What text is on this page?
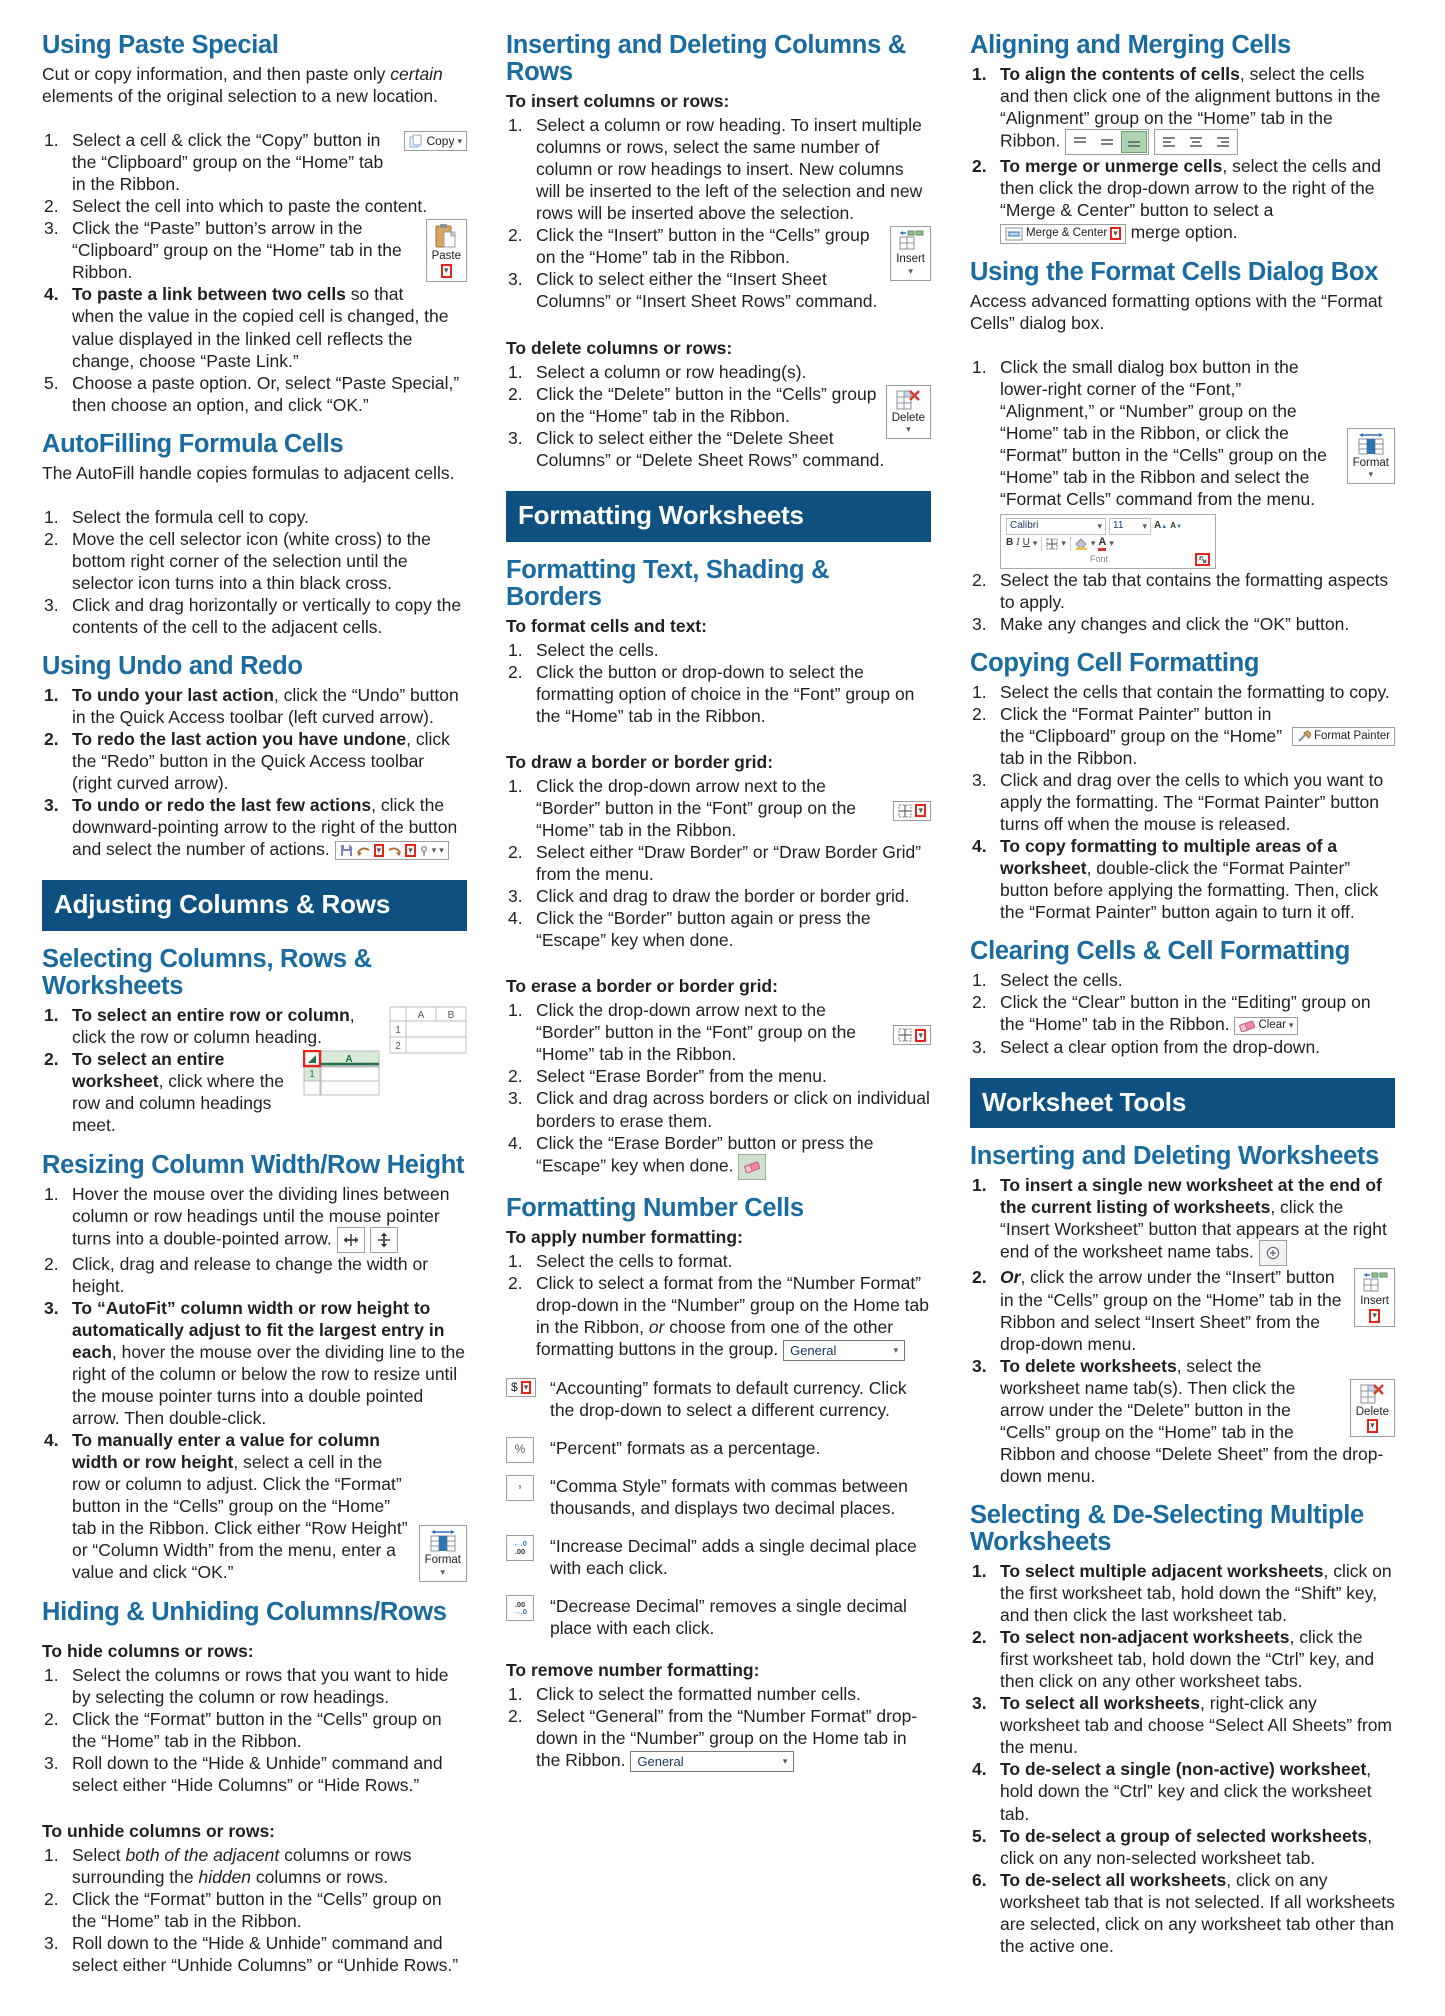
Using Paste Special

Cut or copy information, and then paste only certain elements of the original selection to a new location.

Copy ▾
Select a cell & click the “Copy” button in the “Clipboard” group on the “Home” tab in the Ribbon.
Select the cell into which to paste the content.
Paste
▾
Click the “Paste” button’s arrow in the “Clipboard” group on the “Home” tab in the Ribbon.
To paste a link between two cells so that when the value in the copied cell is changed, the value displayed in the linked cell reflects the change, choose “Paste Link.”
Choose a paste option. Or, select “Paste Special,” then choose an option, and click “OK.”
AutoFilling Formula Cells

The AutoFill handle copies formulas to adjacent cells.

Select the formula cell to copy.
Move the cell selector icon (white cross) to the bottom right corner of the selection until the selector icon turns into a thin black cross.
Click and drag horizontally or vertically to copy the contents of the cell to the adjacent cells.
Using Undo and Redo
To undo your last action, click the “Undo” button in the Quick Access toolbar (left curved arrow).
To redo the last action you have undone, click the “Redo” button in the Quick Access toolbar (right curved arrow).
To undo or redo the last few actions, click the downward-pointing arrow to the right of the button and select the number of actions.	▾	▾ ▾ ▾
Adjusting Columns & Rows
Selecting Columns, Rows & Worksheets
A B
1
2
To select an entire row or column, click the row or column heading.
A
1
To select an entire worksheet, click where the row and column headings meet.
Resizing Column Width/Row Height
Hover the mouse over the dividing lines between column or row headings until the mouse pointer turns into a double-pointed arrow.

Click, drag and release to change the width or height.
To “AutoFit” column width or row height to automatically adjust to fit the largest entry in each, hover the mouse over the dividing line to the right of the column or below the row to resize until the mouse pointer turns into a double pointed arrow. Then double-click.
Format
▾
To manually enter a value for column width or row height, select a cell in the row or column to adjust. Click the “Format” button in the “Cells” group on the “Home” tab in the Ribbon. Click either “Row Height” or “Column Width” from the menu, enter a value and click “OK.”
Hiding & Unhiding Columns/Rows

To hide columns or rows:

Select the columns or rows that you want to hide by selecting the column or row headings.
Click the “Format” button in the “Cells” group on the “Home” tab in the Ribbon.
Roll down to the “Hide & Unhide” command and select either “Hide Columns” or “Hide Rows.”

To unhide columns or rows:

Select both of the adjacent columns or rows surrounding the hidden columns or rows.
Click the “Format” button in the “Cells” group on the “Home” tab in the Ribbon.
Roll down to the “Hide & Unhide” command and select either “Unhide Columns” or “Unhide Rows.”
Inserting and Deleting Columns & Rows

To insert columns or rows:

Select a column or row heading. To insert multiple columns or rows, select the same number of column or row headings to insert. New columns will be inserted to the left of the selection and new rows will be inserted above the selection.
Insert
▾
Click the “Insert” button in the “Cells” group on the “Home” tab in the Ribbon.
Click to select either the “Insert Sheet Columns” or “Insert Sheet Rows” command.

To delete columns or rows:

Select a column or row heading(s).
Delete
▾
Click the “Delete” button in the “Cells” group on the “Home” tab in the Ribbon.
Click to select either the “Delete Sheet Columns” or “Delete Sheet Rows” command.
Formatting Worksheets
Formatting Text, Shading & Borders

To format cells and text:

Select the cells.
Click the button or drop-down to select the formatting option of choice in the “Font” group on the “Home” tab in the Ribbon.

To draw a border or border grid:

▾
Click the drop-down arrow next to the “Border” button in the “Font” group on the “Home” tab in the Ribbon.
Select either “Draw Border” or “Draw Border Grid” from the menu.
Click and drag to draw the border or border grid.
Click the “Border” button again or press the “Escape” key when done.

To erase a border or border grid:

▾
Click the drop-down arrow next to the “Border” button in the “Font” group on the “Home” tab in the Ribbon.
Select “Erase Border” from the menu.
Click and drag across borders or click on individual borders to erase them.
Click the “Erase Border” button or press the “Escape” key when done.
Formatting Number Cells

To apply number formatting:

Select the cells to format.
Click to select a format from the “Number Format” drop-down in the “Number” group on the Home tab in the Ribbon, or choose from one of the other formatting buttons in the group. General	▾
$ ▾ “Accounting” formats to default currency. Click the drop-down to select a different currency.
% “Percent” formats as a percentage.
, “Comma Style” formats with commas between thousands, and displays two decimal places.
←.0
.00 “Increase Decimal” adds a single decimal place with each click.
.00
→.0 “Decrease Decimal” removes a single decimal place with each click.

To remove number formatting:

Click to select the formatted number cells.
Select “General” from the “Number Format” drop-down in the “Number” group on the Home tab in the Ribbon. General	▾
Aligning and Merging Cells
To align the contents of cells, select the cells and then click one of the alignment buttons in the “Alignment” group on the “Home” tab in the Ribbon.

To merge or unmerge cells, select the cells and then click the drop-down arrow to the right of the “Merge & Center” button to select a
Merge & Center ▾ merge option.
Using the Format Cells Dialog Box

Access advanced formatting options with the “Format Cells” dialog box.

Format
▾
Click the small dialog box button in the lower-right corner of the “Font,” “Alignment,” or “Number” group on the “Home” tab in the Ribbon, or click the “Format” button in the “Cells” group on the “Home” tab in the Ribbon and select the “Format Cells” command from the menu.
Calibri	▾ 11 ▾ A▲ A▼
B I U ▾	▾	▾ A ▾
Font
Select the tab that contains the formatting aspects to apply.
Make any changes and click the “OK” button.
Copying Cell Formatting
Select the cells that contain the formatting to copy.
Format Painter
Click the “Format Painter” button in the “Clipboard” group on the “Home” tab in the Ribbon.
Click and drag over the cells to which you want to apply the formatting. The “Format Painter” button turns off when the mouse is released.
To copy formatting to multiple areas of a worksheet, double-click the “Format Painter” button before applying the formatting. Then, click the “Format Painter” button again to turn it off.
Clearing Cells & Cell Formatting
Select the cells.
Click the “Clear” button in the “Editing” group on the “Home” tab in the Ribbon. Clear ▾
Select a clear option from the drop-down.
Worksheet Tools
Inserting and Deleting Worksheets
To insert a single new worksheet at the end of the current listing of worksheets, click the “Insert Worksheet” button that appears at the right end of the worksheet name tabs.
Insert
▾
Or, click the arrow under the “Insert” button in the “Cells” group on the “Home” tab in the Ribbon and select “Insert Sheet” from the drop-down menu.
Delete
▾
To delete worksheets, select the worksheet name tab(s). Then click the arrow under the “Delete” button in the “Cells” group on the “Home” tab in the Ribbon and choose “Delete Sheet” from the drop-down menu.
Selecting & De-Selecting Multiple Worksheets
To select multiple adjacent worksheets, click on the first worksheet tab, hold down the “Shift” key, and then click the last worksheet tab.
To select non-adjacent worksheets, click the first worksheet tab, hold down the “Ctrl” key, and then click on any other worksheet tabs.
To select all worksheets, right-click any worksheet tab and choose “Select All Sheets” from the menu.
To de-select a single (non-active) worksheet, hold down the “Ctrl” key and click the worksheet tab.
To de-select a group of selected worksheets, click on any non-selected worksheet tab.
To de-select all worksheets, click on any worksheet tab that is not selected. If all worksheets are selected, click on any worksheet tab other than the active one.
